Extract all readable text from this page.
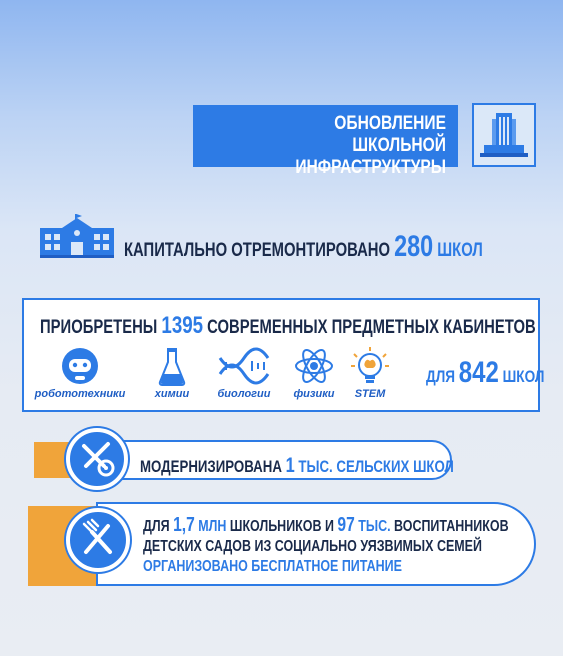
ОБНОВЛЕНИЕ ШКОЛЬНОЙ
ИНФРАСТРУКТУРЫ
КАПИТАЛЬНО ОТРЕМОНТИРОВАНО 280 ШКОЛ
ПРИОБРЕТЕНЫ 1395 СОВРЕМЕННЫХ ПРЕДМЕТНЫХ КАБИНЕТОВ
робототехники	химии	биологии	физики	STEM
ДЛЯ 842 ШКОЛ
МОДЕРНИЗИРОВАНА 1 ТЫС. СЕЛЬСКИХ ШКОЛ
ДЛЯ 1,7 МЛН ШКОЛЬНИКОВ И 97 ТЫС. ВОСПИТАННИКОВ
ДЕТСКИХ САДОВ ИЗ СОЦИАЛЬНО УЯЗВИМЫХ СЕМЕЙ
ОРГАНИЗОВАНО БЕСПЛАТНОЕ ПИТАНИЕ
